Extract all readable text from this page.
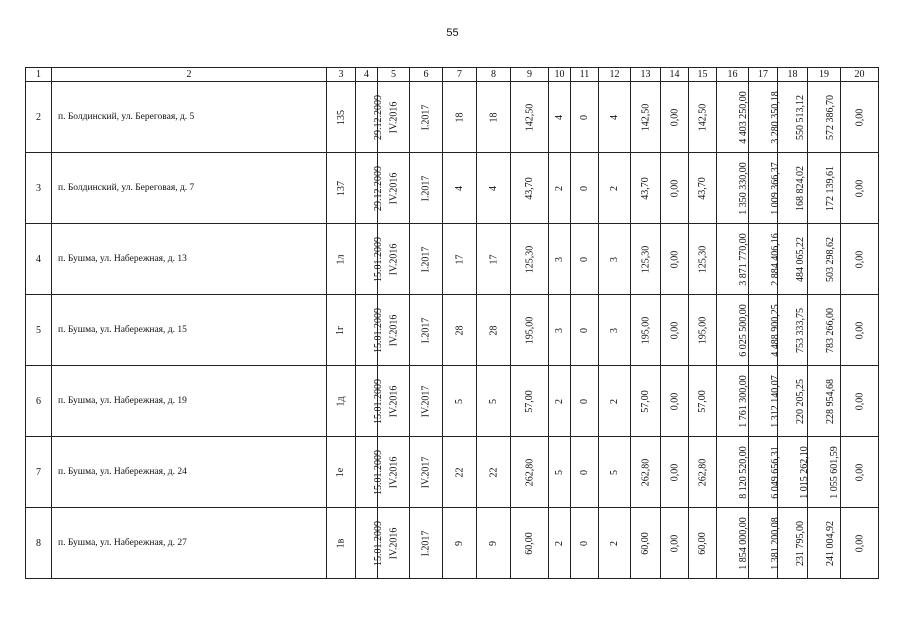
55
1	2	3	4	5	6	7	8	9	10	11	12	13	14	15	16	17	18	19	20
2	п. Болдинский, ул. Береговая, д. 5	135	29.12.2009	IV.2016	I.2017	18	18	142,50	4	0	4	142,50	0,00	142,50	4 403 250,00	3 280 350,18	550 513,12	572 386,70	0,00
3	п. Болдинский, ул. Береговая, д. 7	137	29.12.2009	IV.2016	I.2017	4	4	43,70	2	0	2	43,70	0,00	43,70	1 350 330,00	1 009 366,37	168 824,02	172 139,61	0,00
4	п. Бушма, ул. Набережная, д. 13	1л	15.01.2009	IV.2016	I.2017	17	17	125,30	3	0	3	125,30	0,00	125,30	3 871 770,00	2 884 406,16	484 065,22	503 298,62	0,00
5	п. Бушма, ул. Набережная, д. 15	1г	15.01.2009	IV.2016	I.2017	28	28	195,00	3	0	3	195,00	0,00	195,00	6 025 500,00	4 488 900,25	753 333,75	783 266,00	0,00
6	п. Бушма, ул. Набережная, д. 19	1д	15.01.2009	IV.2016	IV.2017	5	5	57,00	2	0	2	57,00	0,00	57,00	1 761 300,00	1 312 140,07	220 205,25	228 954,68	0,00
7	п. Бушма, ул. Набережная, д. 24	1е	15.01.2009	IV.2016	IV.2017	22	22	262,80	5	0	5	262,80	0,00	262,80	8 120 520,00	6 049 656,31	1 015 262,10	1 055 601,59	0,00
8	п. Бушма, ул. Набережная, д. 27	1в	15.01.2009	IV.2016	I.2017	9	9	60,00	2	0	2	60,00	0,00	60,00	1 854 000,00	1 381 200,08	231 795,00	241 004,92	0,00
